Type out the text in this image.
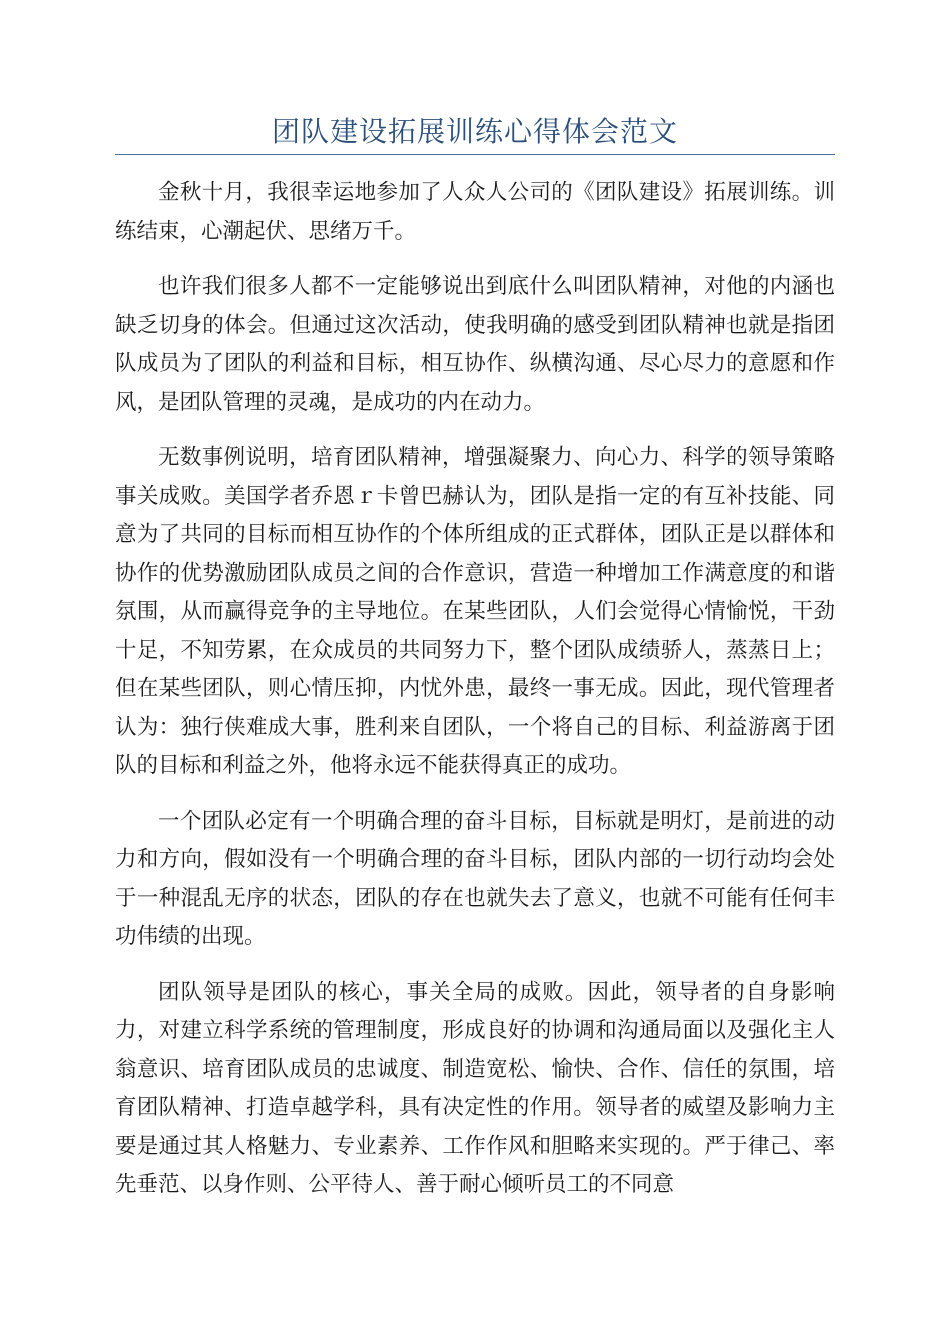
团队建设拓展训练心得体会范文

金秋十月，我很幸运地参加了人众人公司的《团队建设》拓展训练。训练结束，心潮起伏、思绪万千。

也许我们很多人都不一定能够说出到底什么叫团队精神，对他的内涵也缺乏切身的体会。但通过这次活动，使我明确的感受到团队精神也就是指团队成员为了团队的利益和目标，相互协作、纵横沟通、尽心尽力的意愿和作风，是团队管理的灵魂，是成功的内在动力。

无数事例说明，培育团队精神，增强凝聚力、向心力、科学的领导策略事关成败。美国学者乔恩ｒ卡曾巴赫认为，团队是指一定的有互补技能、同意为了共同的目标而相互协作的个体所组成的正式群体，团队正是以群体和协作的优势激励团队成员之间的合作意识，营造一种增加工作满意度的和谐氛围，从而赢得竞争的主导地位。在某些团队，人们会觉得心情愉悦，干劲十足，不知劳累，在众成员的共同努力下，整个团队成绩骄人，蒸蒸日上；但在某些团队，则心情压抑，内忧外患，最终一事无成。因此，现代管理者认为：独行侠难成大事，胜利来自团队，一个将自己的目标、利益游离于团队的目标和利益之外，他将永远不能获得真正的成功。

一个团队必定有一个明确合理的奋斗目标，目标就是明灯，是前进的动力和方向，假如没有一个明确合理的奋斗目标，团队内部的一切行动均会处于一种混乱无序的状态，团队的存在也就失去了意义，也就不可能有任何丰功伟绩的出现。

团队领导是团队的核心，事关全局的成败。因此，领导者的自身影响力，对建立科学系统的管理制度，形成良好的协调和沟通局面以及强化主人翁意识、培育团队成员的忠诚度、制造宽松、愉快、合作、信任的氛围，培育团队精神、打造卓越学科，具有决定性的作用。领导者的威望及影响力主要是通过其人格魅力、专业素养、工作作风和胆略来实现的。严于律己、率先垂范、以身作则、公平待人、善于耐心倾听员工的不同意
